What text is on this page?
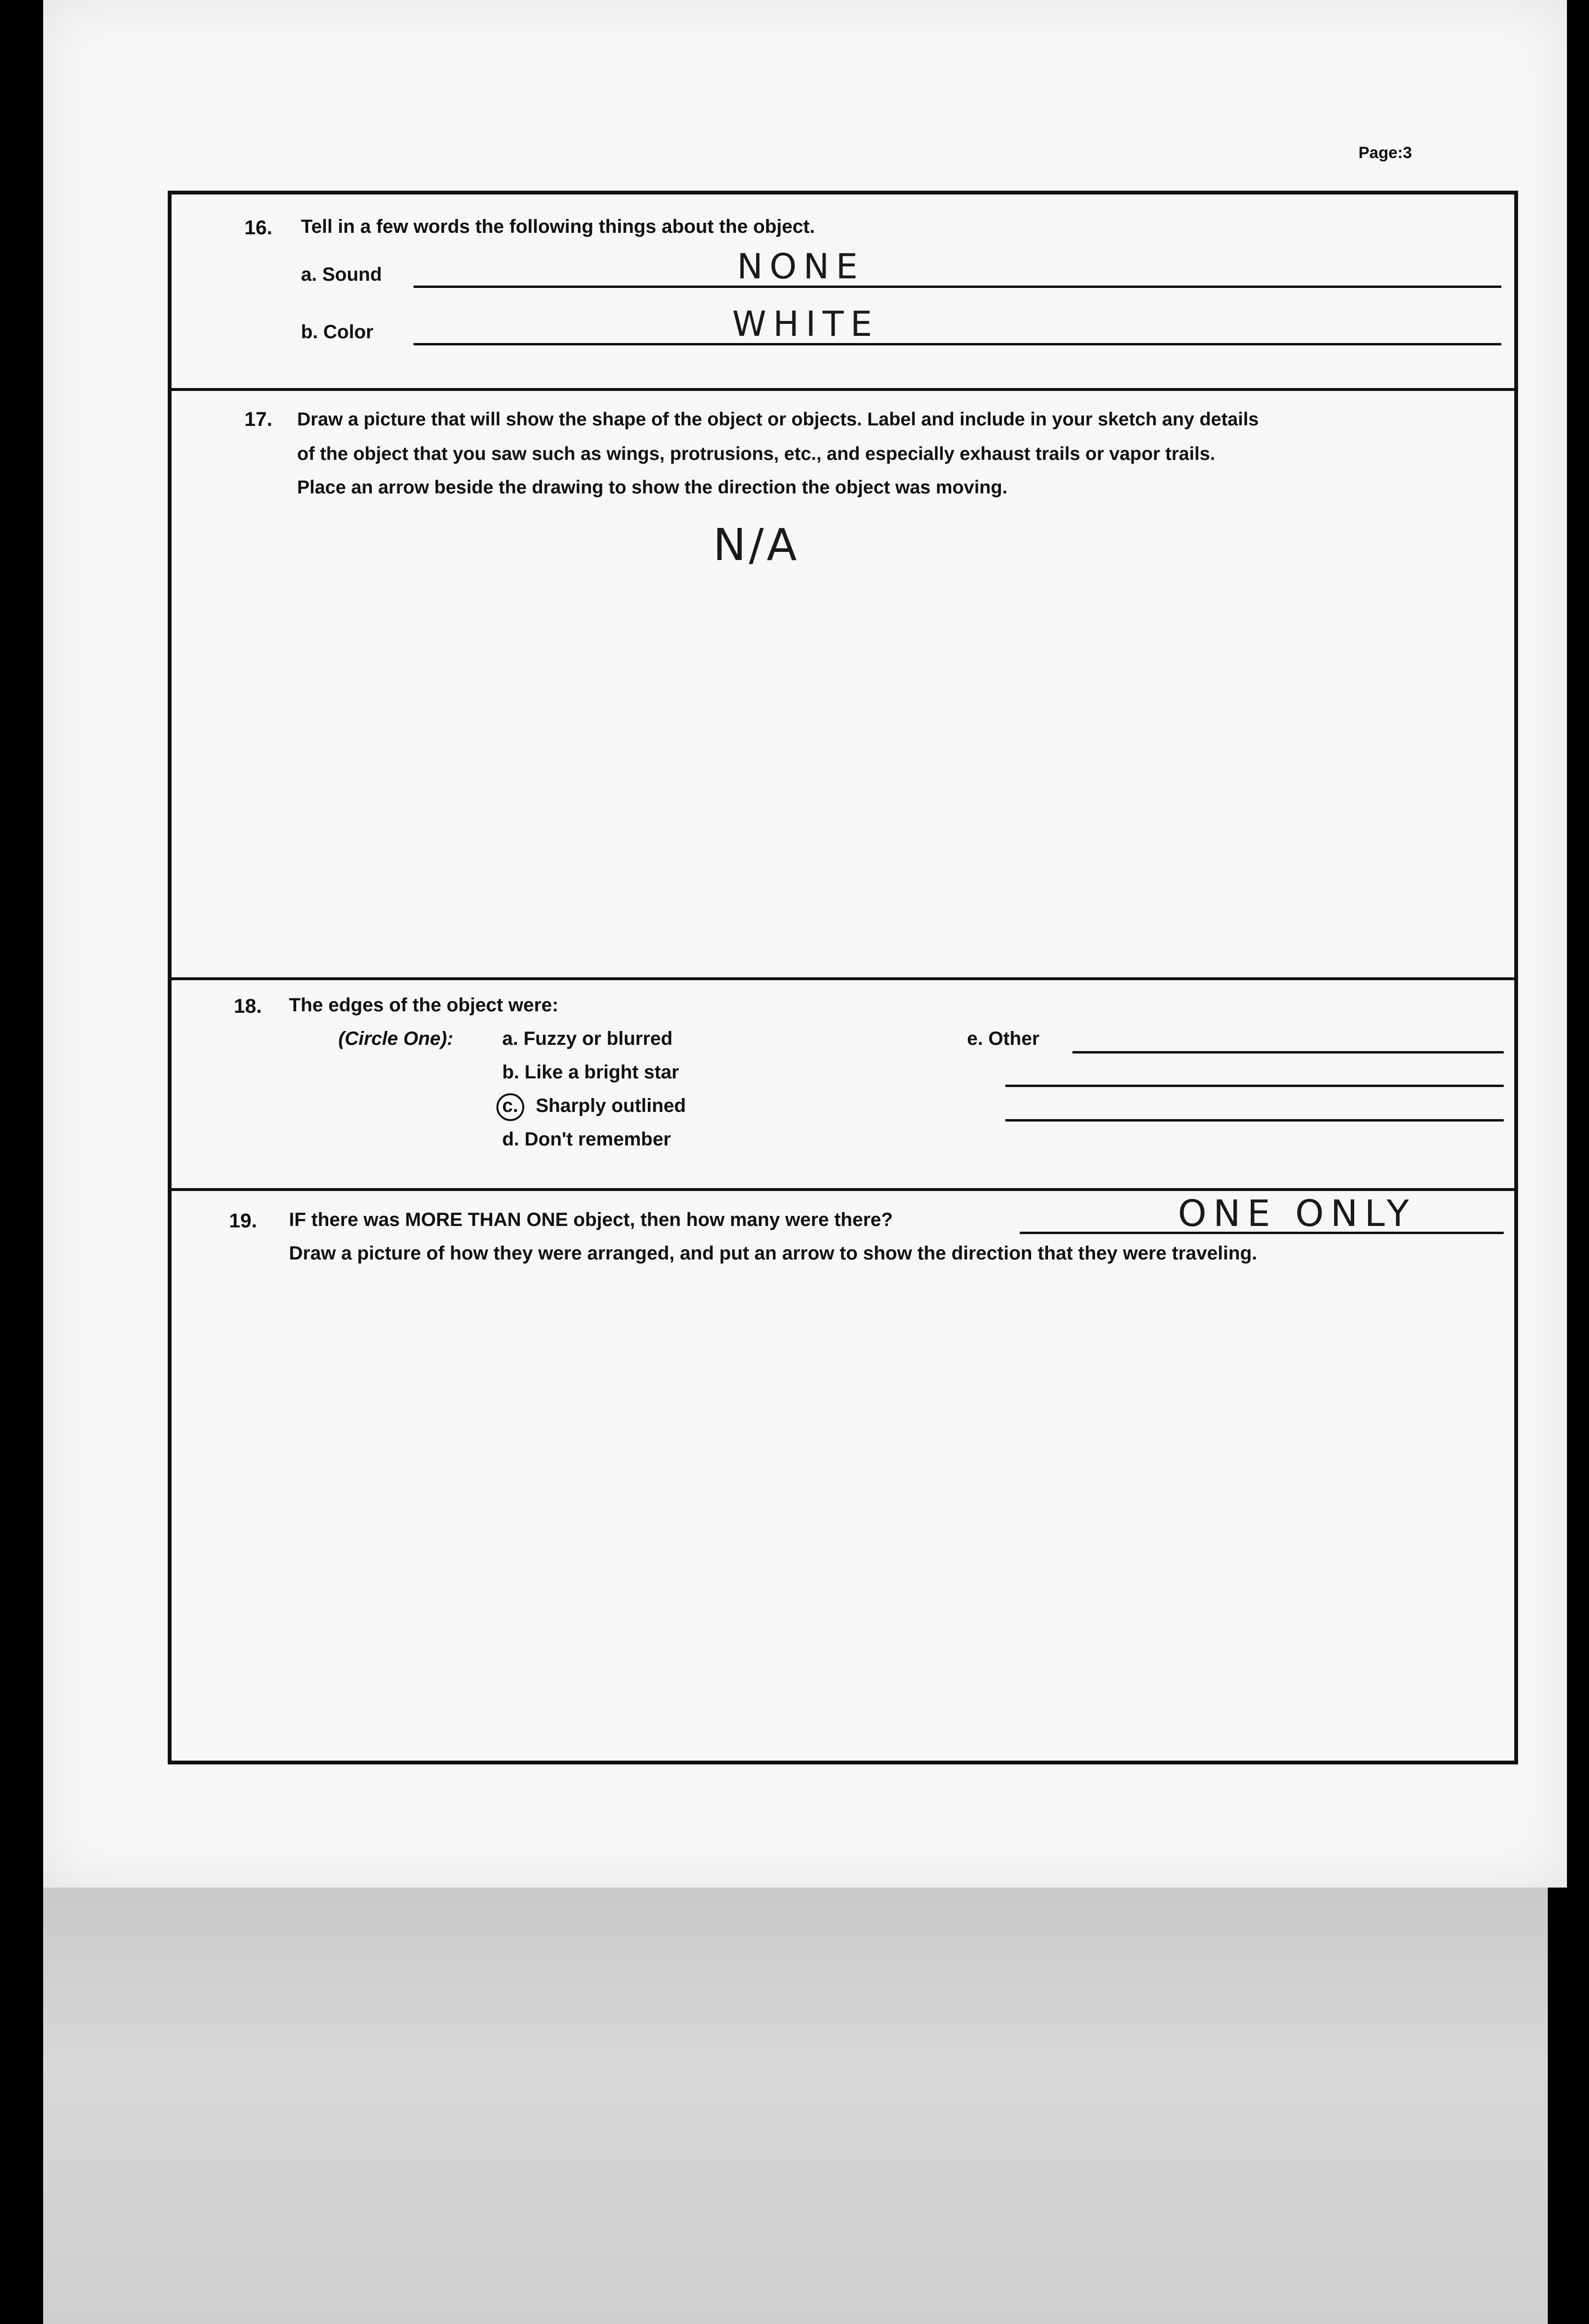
Page:3
16. Tell in a few words the following things about the object.
a. Sound	NONE
b. Color	WHITE
17. Draw a picture that will show the shape of the object or objects. Label and include in your sketch any details
of the object that you saw such as wings, protrusions, etc., and especially exhaust trails or vapor trails.
Place an arrow beside the drawing to show the direction the object was moving.
N/A
18. The edges of the object were:
(Circle One):	a. Fuzzy or blurred
b. Like a bright star
c. Sharply outlined
d. Don't remember
e. Other
19. IF there was MORE THAN ONE object, then how many were there?	ONE ONLY
Draw a picture of how they were arranged, and put an arrow to show the direction that they were traveling.
